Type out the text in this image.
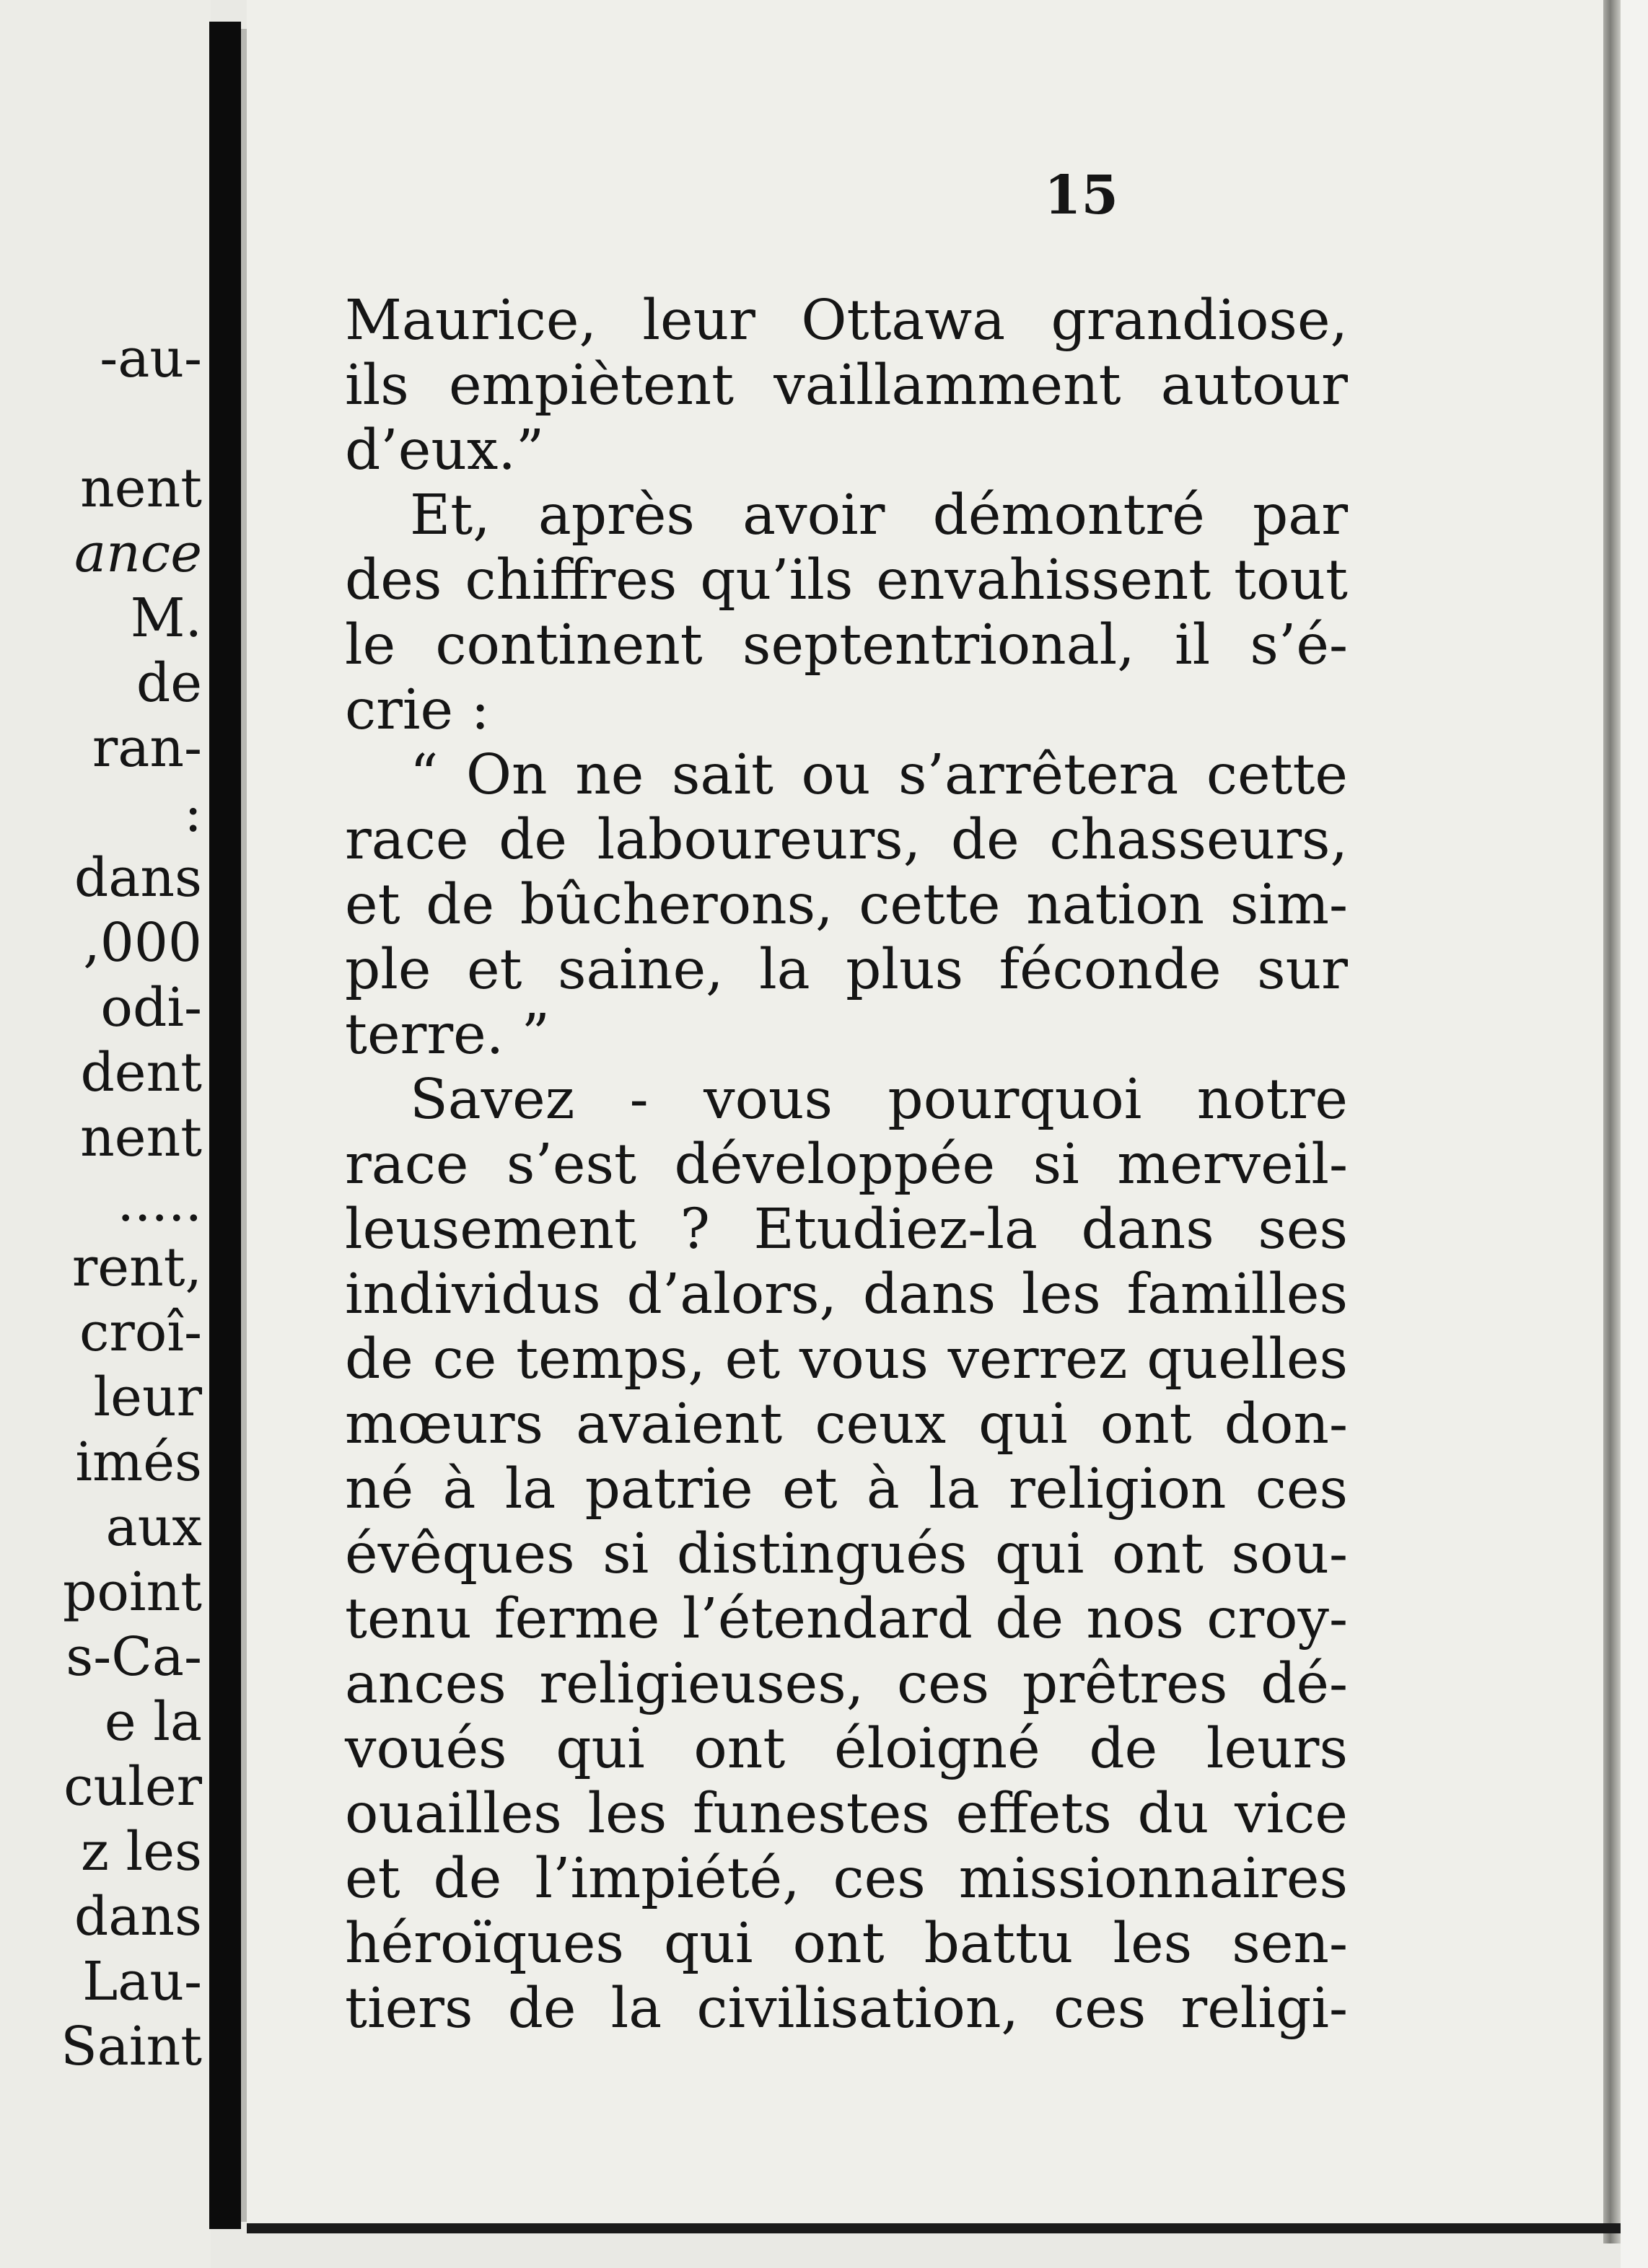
-au-
nent
ance
M.
de
ran-
:
dans
,000
odi-
dent
nent
.....
rent,
croî-
leur
imés
aux
point
s-Ca-
e la
culer
z les
dans
Lau-
Saint
15
Maurice, leur Ottawa grandiose,
ils empiètent vaillamment autour
d’eux.”
Et, après avoir démontré par
des chiffres qu’ils envahissent tout
le continent septentrional, il s’é-
crie :
“ On ne sait ou s’arrêtera cette
race de laboureurs, de chasseurs,
et de bûcherons, cette nation sim-
ple et saine, la plus féconde sur
terre. ”
Savez - vous pourquoi notre
race s’est développée si merveil-
leusement ? Etudiez-la dans ses
individus d’alors, dans les familles
de ce temps, et vous verrez quelles
mœurs avaient ceux qui ont don-
né à la patrie et à la religion ces
évêques si distingués qui ont sou-
tenu ferme l’étendard de nos croy-
ances religieuses, ces prêtres dé-
voués qui ont éloigné de leurs
ouailles les funestes effets du vice
et de l’impiété, ces missionnaires
héroïques qui ont battu les sen-
tiers de la civilisation, ces religi-
